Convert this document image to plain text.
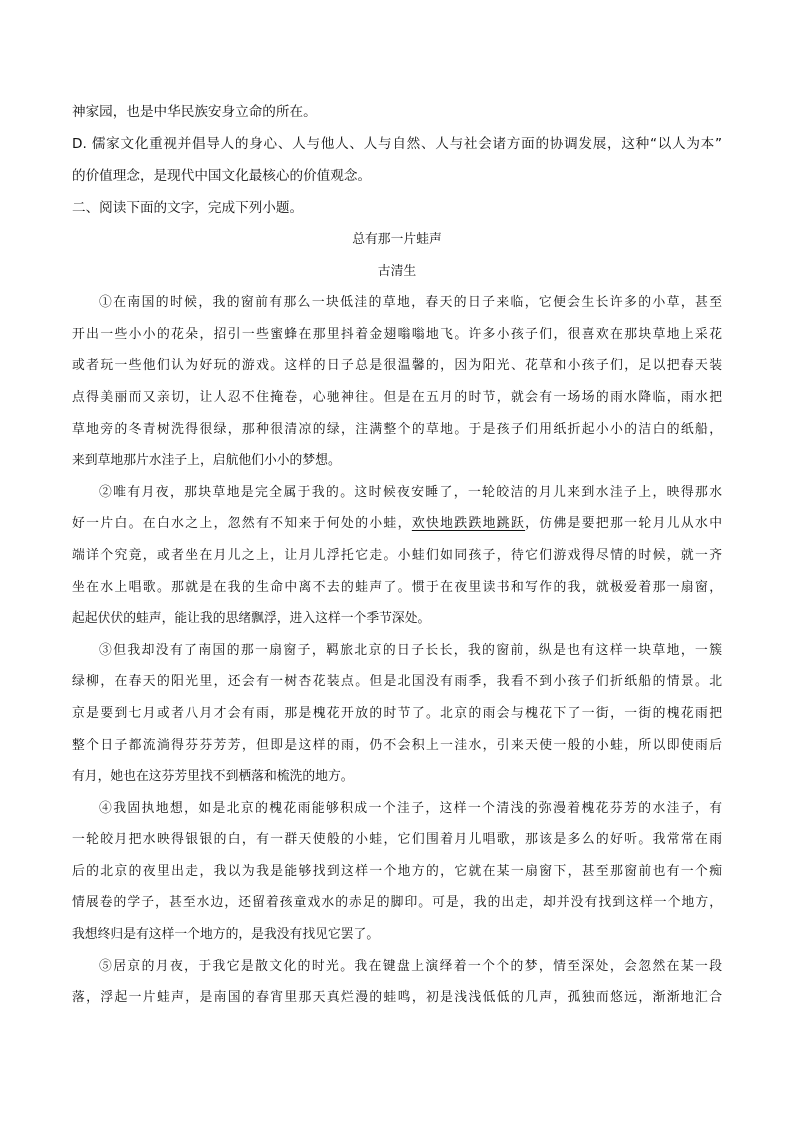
神家园，也是中华民族安身立命的所在。
D. 儒家文化重视并倡导人的身心、人与他人、人与自然、人与社会诸方面的协调发展，这种“以人为本”
的价值理念，是现代中国文化最核心的价值观念。
二、阅读下面的文字，完成下列小题。

总有那一片蛙声

古清生

①在南国的时候，我的窗前有那么一块低洼的草地，春天的日子来临，它便会生长许多的小草，甚至
开出一些小小的花朵，招引一些蜜蜂在那里抖着金翅嗡嗡地飞。许多小孩子们，很喜欢在那块草地上采花
或者玩一些他们认为好玩的游戏。这样的日子总是很温馨的，因为阳光、花草和小孩子们，足以把春天装
点得美丽而又亲切，让人忍不住掩卷，心驰神往。但是在五月的时节，就会有一场场的雨水降临，雨水把
草地旁的冬青树洗得很绿，那种很清凉的绿，注满整个的草地。于是孩子们用纸折起小小的洁白的纸船，
来到草地那片水洼子上，启航他们小小的梦想。
②唯有月夜，那块草地是完全属于我的。这时候夜安睡了，一轮皎洁的月儿来到水洼子上，映得那水
好一片白。在白水之上，忽然有不知来于何处的小蛙，欢快地跌跌地跳跃，仿佛是要把那一轮月儿从水中
端详个究竟，或者坐在月儿之上，让月儿浮托它走。小蛙们如同孩子，待它们游戏得尽情的时候，就一齐
坐在水上唱歌。那就是在我的生命中离不去的蛙声了。惯于在夜里读书和写作的我，就极爱着那一扇窗，
起起伏伏的蛙声，能让我的思绪飘浮，进入这样一个季节深处。
③但我却没有了南国的那一扇窗子，羁旅北京的日子长长，我的窗前，纵是也有这样一块草地，一簇
绿柳，在春天的阳光里，还会有一树杏花装点。但是北国没有雨季，我看不到小孩子们折纸船的情景。北
京是要到七月或者八月才会有雨，那是槐花开放的时节了。北京的雨会与槐花下了一街，一街的槐花雨把
整个日子都流淌得芬芬芳芳，但即是这样的雨，仍不会积上一洼水，引来天使一般的小蛙，所以即使雨后
有月，她也在这芬芳里找不到栖落和梳洗的地方。
④我固执地想，如是北京的槐花雨能够积成一个洼子，这样一个清浅的弥漫着槐花芬芳的水洼子，有
一轮皎月把水映得银银的白，有一群天使般的小蛙，它们围着月儿唱歌，那该是多么的好听。我常常在雨
后的北京的夜里出走，我以为我是能够找到这样一个地方的，它就在某一扇窗下，甚至那窗前也有一个痴
情展卷的学子，甚至水边，还留着孩童戏水的赤足的脚印。可是，我的出走，却并没有找到这样一个地方，
我想终归是有这样一个地方的，是我没有找见它罢了。
⑤居京的月夜，于我它是散文化的时光。我在键盘上演绎着一个个的梦，情至深处，会忽然在某一段
落，浮起一片蛙声，是南国的春宵里那天真烂漫的蛙鸣，初是浅浅低低的几声，孤独而悠远，渐渐地汇合
